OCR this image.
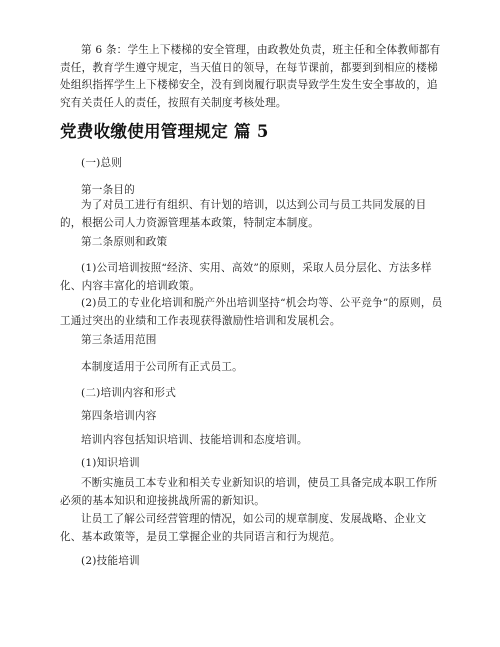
第 6 条：学生上下楼梯的安全管理，由政教处负责，班主任和全体教师都有责任，教育学生遵守规定，当天值日的领导，在每节课前，都要到到相应的楼梯处组织指挥学生上下楼梯安全，没有到岗履行职责导致学生发生安全事故的，追究有关责任人的责任，按照有关制度考核处理。

党费收缴使用管理规定 篇 5

(一)总则

第一条目的

为了对员工进行有组织、有计划的培训，以达到公司与员工共同发展的目的，根据公司人力资源管理基本政策，特制定本制度。

第二条原则和政策

(1)公司培训按照“经济、实用、高效”的原则，采取人员分层化、方法多样化、内容丰富化的培训政策。

(2)员工的专业化培训和脱产外出培训坚持“机会均等、公平竞争”的原则，员工通过突出的业绩和工作表现获得激励性培训和发展机会。

第三条适用范围

本制度适用于公司所有正式员工。

(二)培训内容和形式

第四条培训内容

培训内容包括知识培训、技能培训和态度培训。

(1)知识培训

不断实施员工本专业和相关专业新知识的培训，使员工具备完成本职工作所必须的基本知识和迎接挑战所需的新知识。

让员工了解公司经营管理的情况，如公司的规章制度、发展战略、企业文化、基本政策等，是员工掌握企业的共同语言和行为规范。

(2)技能培训
